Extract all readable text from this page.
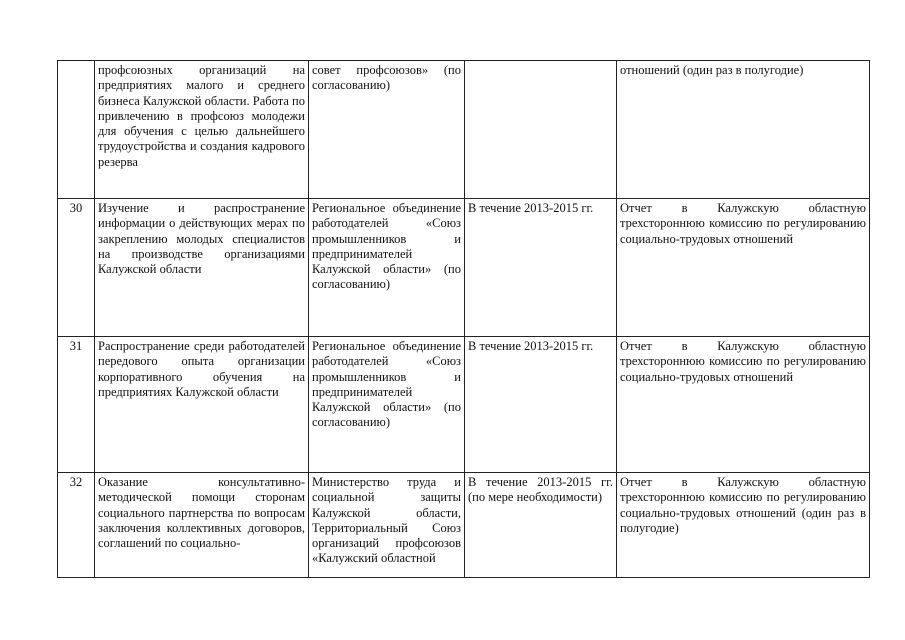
	профсоюзных организаций на предприятиях малого и среднего бизнеса Калужской области. Работа по привлечению в профсоюз молодежи для обучения с целью дальнейшего трудоустройства и создания кадрового резерва	совет профсоюзов» (по согласованию)		отношений (один раз в полугодие)
30	Изучение и распространение информации о действующих мерах по закреплению молодых специалистов на производстве организациями Калужской области	Региональное объединение работодателей «Союз промышленников и предпринимателей Калужской области» (по согласованию)	В течение 2013-2015 гг.	Отчет в Калужскую областную трехстороннюю комиссию по регулированию социально-трудовых отношений
31	Распространение среди работодателей передового опыта организации корпоративного обучения на предприятиях Калужской области	Региональное объединение работодателей «Союз промышленников и предпринимателей Калужской области» (по согласованию)	В течение 2013-2015 гг.	Отчет в Калужскую областную трехстороннюю комиссию по регулированию социально-трудовых отношений
32	Оказание консультативно-методической помощи сторонам социального партнерства по вопросам заключения коллективных договоров, соглашений по социально-	Министерство труда и социальной защиты Калужской области, Территориальный Союз организаций профсоюзов «Калужский областной	В течение 2013-2015 гг. (по мере необходимости)	Отчет в Калужскую областную трехстороннюю комиссию по регулированию социально-трудовых отношений (один раз в полугодие)
